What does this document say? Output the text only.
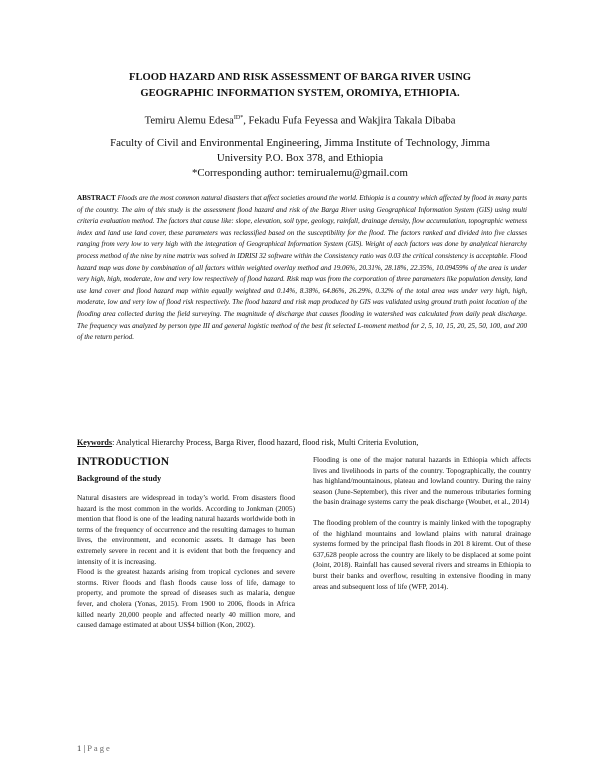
FLOOD HAZARD AND RISK ASSESSMENT OF BARGA RIVER USING
GEOGRAPHIC INFORMATION SYSTEM, OROMIYA, ETHIOPIA.
Temiru Alemu Edesa$^{ID*}$, Fekadu Fufa Feyessa and Wakjira Takala Dibaba
Faculty of Civil and Environmental Engineering, Jimma Institute of Technology, Jimma
University P.O. Box 378, and Ethiopia
*Corresponding author: temirualemu@gmail.com
ABSTRACT Floods are the most common natural disasters that affect societies around the world. Ethiopia is a country which affected by flood in many parts of the country. The aim of this study is the assessment flood hazard and risk of the Barga River using Geographical Information System (GIS) using multi criteria evaluation method. The factors that cause like: slope, elevation, soil type, geology, rainfall, drainage density, flow accumulation, topographic wetness index and land use land cover, these parameters was reclassified based on the susceptibility for the flood. The factors ranked and divided into five classes ranging from very low to very high with the integration of Geographical Information System (GIS). Weight of each factors was done by analytical hierarchy process method of the nine by nine matrix was solved in IDRISI 32 software within the Consistency ratio was 0.03 the critical consistency is acceptable. Flood hazard map was done by combination of all factors within weighted overlay method and 19.06%, 20.31%, 28.18%, 22.35%, 10.09459% of the area is under very high, high, moderate, low and very low respectively of flood hazard. Risk map was from the corporation of three parameters like population density, land use land cover and flood hazard map within equally weighted and 0.14%, 8.38%, 64.86%, 26.29%, 0.32% of the total area was under very high, high, moderate, low and very low of flood risk respectively. The flood hazard and risk map produced by GIS was validated using ground truth point location of the flooding area collected during the field surveying. The magnitude of discharge that causes flooding in watershed was calculated from daily peak discharge. The frequency was analyzed by person type III and general logistic method of the best fit selected L-moment method for 2, 5, 10, 15, 20, 25, 50, 100, and 200 of the return period.
Keywords: Analytical Hierarchy Process, Barga River, flood hazard, flood risk, Multi Criteria Evolution,
INTRODUCTION
Background of the study

Natural disasters are widespread in today’s world. From disasters flood hazard is the most common in the worlds. According to Jonkman (2005) mention that flood is one of the leading natural hazards worldwide both in terms of the frequency of occurrence and the resulting damages to human lives, the environment, and economic assets. It damage has been extremely severe in recent and it is evident that both the frequency and intensity of it is increasing.

Flood is the greatest hazards arising from tropical cyclones and severe storms. River floods and flash floods cause loss of life, damage to property, and promote the spread of diseases such as malaria, dengue fever, and cholera (Yonas, 2015). From 1900 to 2006, floods in Africa killed nearly 20,000 people and affected nearly 40 million more, and caused damage estimated at about US$4 billion (Kon, 2002).

Flooding is one of the major natural hazards in Ethiopia which affects lives and livelihoods in parts of the country. Topographically, the country has highland/mountainous, plateau and lowland country. During the rainy season (June-September), this river and the numerous tributaries forming the basin drainage systems carry the peak discharge (Woubet, et al., 2014)

The flooding problem of the country is mainly linked with the topography of the highland mountains and lowland plains with natural drainage systems formed by the principal flash floods in 201 8 kiremt. Out of these 637,628 people across the country are likely to be displaced at some point (Joint, 2018). Rainfall has caused several rivers and streams in Ethiopia to burst their banks and overflow, resulting in extensive flooding in many areas and subsequent loss of life (WFP, 2014).

1 | Page
